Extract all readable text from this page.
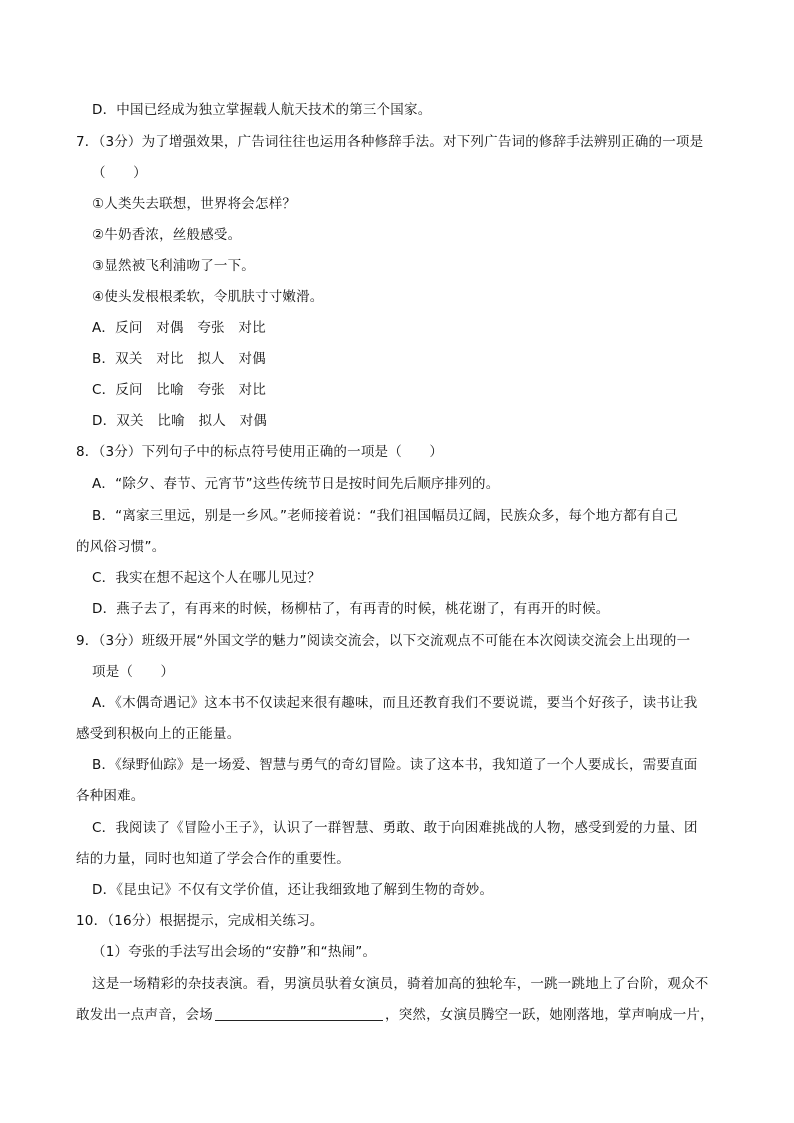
D．中国已经成为独立掌握载人航天技术的第三个国家。
7．（3分）为了增强效果，广告词往往也运用各种修辞手法。对下列广告词的修辞手法辨别正确的一项是
（　　）
①人类失去联想，世界将会怎样？
②牛奶香浓，丝般感受。
③显然被飞利浦吻了一下。
④使头发根根柔软，令肌肤寸寸嫩滑。
A．反问　对偶　夸张　对比
B．双关　对比　拟人　对偶
C．反问　比喻　夸张　对比
D．双关　比喻　拟人　对偶
8．（3分）下列句子中的标点符号使用正确的一项是（　　）
A．“除夕、春节、元宵节”这些传统节日是按时间先后顺序排列的。
B．“离家三里远，别是一乡风。”老师接着说：“我们祖国幅员辽阔，民族众多，每个地方都有自己
的风俗习惯”。
C．我实在想不起这个人在哪儿见过？
D．燕子去了，有再来的时候，杨柳枯了，有再青的时候，桃花谢了，有再开的时候。
9．（3分）班级开展“外国文学的魅力”阅读交流会，以下交流观点不可能在本次阅读交流会上出现的一
项是（　　）
A．《木偶奇遇记》这本书不仅读起来很有趣味，而且还教育我们不要说谎，要当个好孩子，读书让我
感受到积极向上的正能量。
B．《绿野仙踪》是一场爱、智慧与勇气的奇幻冒险。读了这本书，我知道了一个人要成长，需要直面
各种困难。
C．我阅读了《冒险小王子》，认识了一群智慧、勇敢、敢于向困难挑战的人物，感受到爱的力量、团
结的力量，同时也知道了学会合作的重要性。
D．《昆虫记》不仅有文学价值，还让我细致地了解到生物的奇妙。
10．（16分）根据提示，完成相关练习。
（1）夸张的手法写出会场的“安静”和“热闹”。
这是一场精彩的杂技表演。看，男演员驮着女演员，骑着加高的独轮车，一跳一跳地上了台阶，观众不
敢发出一点声音，会场	，突然，女演员腾空一跃，她刚落地，掌声响成一片，
